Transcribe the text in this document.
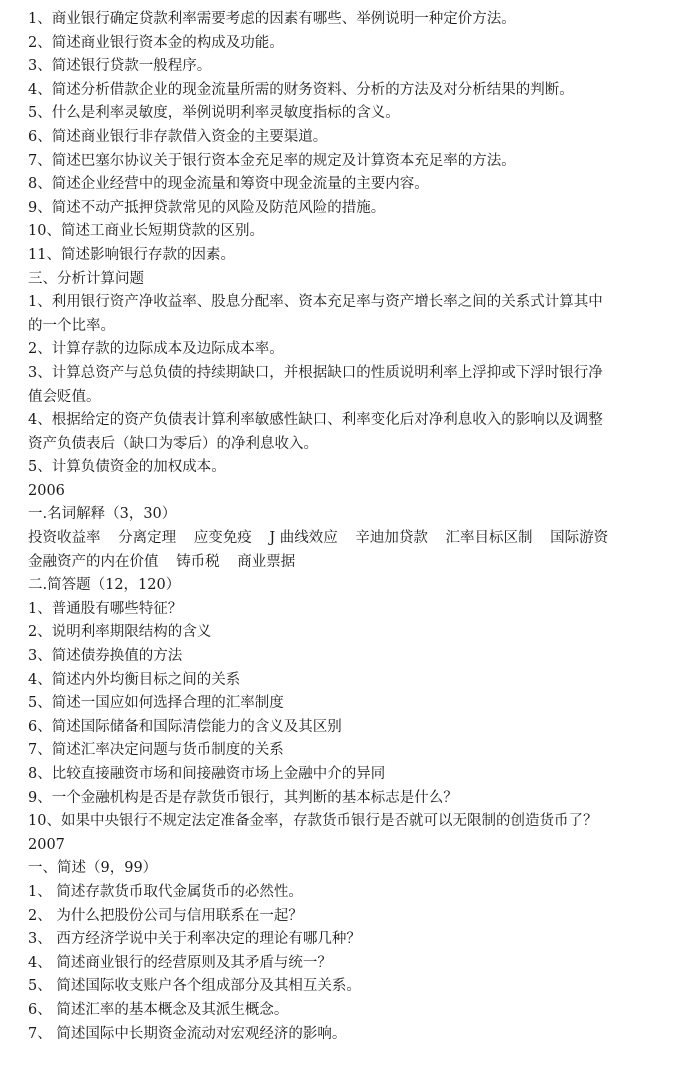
1、商业银行确定贷款利率需要考虑的因素有哪些、举例说明一种定价方法。
2、简述商业银行资本金的构成及功能。
3、简述银行贷款一般程序。
4、简述分析借款企业的现金流量所需的财务资料、分析的方法及对分析结果的判断。
5、什么是利率灵敏度，举例说明利率灵敏度指标的含义。
6、简述商业银行非存款借入资金的主要渠道。
7、简述巴塞尔协议关于银行资本金充足率的规定及计算资本充足率的方法。
8、简述企业经营中的现金流量和筹资中现金流量的主要内容。
9、简述不动产抵押贷款常见的风险及防范风险的措施。
10、简述工商业长短期贷款的区别。
11、简述影响银行存款的因素。
三、分析计算问题
1、利用银行资产净收益率、股息分配率、资本充足率与资产增长率之间的关系式计算其中
的一个比率。
2、计算存款的边际成本及边际成本率。
3、计算总资产与总负债的持续期缺口，并根据缺口的性质说明利率上浮抑或下浮时银行净
值会贬值。
4、根据给定的资产负债表计算利率敏感性缺口、利率变化后对净利息收入的影响以及调整
资产负债表后（缺口为零后）的净利息收入。
5、计算负债资金的加权成本。
2006
一.名词解释（3，30）
投资收益率 分离定理 应变免疫 J 曲线效应 辛迪加贷款 汇率目标区制 国际游资
金融资产的内在价值 铸币税 商业票据
二.简答题（12，120）
1、普通股有哪些特征？
2、说明利率期限结构的含义
3、简述债券换值的方法
4、简述内外均衡目标之间的关系
5、简述一国应如何选择合理的汇率制度
6、简述国际储备和国际清偿能力的含义及其区别
7、简述汇率决定问题与货币制度的关系
8、比较直接融资市场和间接融资市场上金融中介的异同
9、一个金融机构是否是存款货币银行，其判断的基本标志是什么？
10、如果中央银行不规定法定准备金率，存款货币银行是否就可以无限制的创造货币了？
2007
一、简述（9，99）
1、 简述存款货币取代金属货币的必然性。
2、 为什么把股份公司与信用联系在一起？
3、 西方经济学说中关于利率决定的理论有哪几种？
4、 简述商业银行的经营原则及其矛盾与统一？
5、 简述国际收支账户各个组成部分及其相互关系。
6、 简述汇率的基本概念及其派生概念。
7、 简述国际中长期资金流动对宏观经济的影响。
